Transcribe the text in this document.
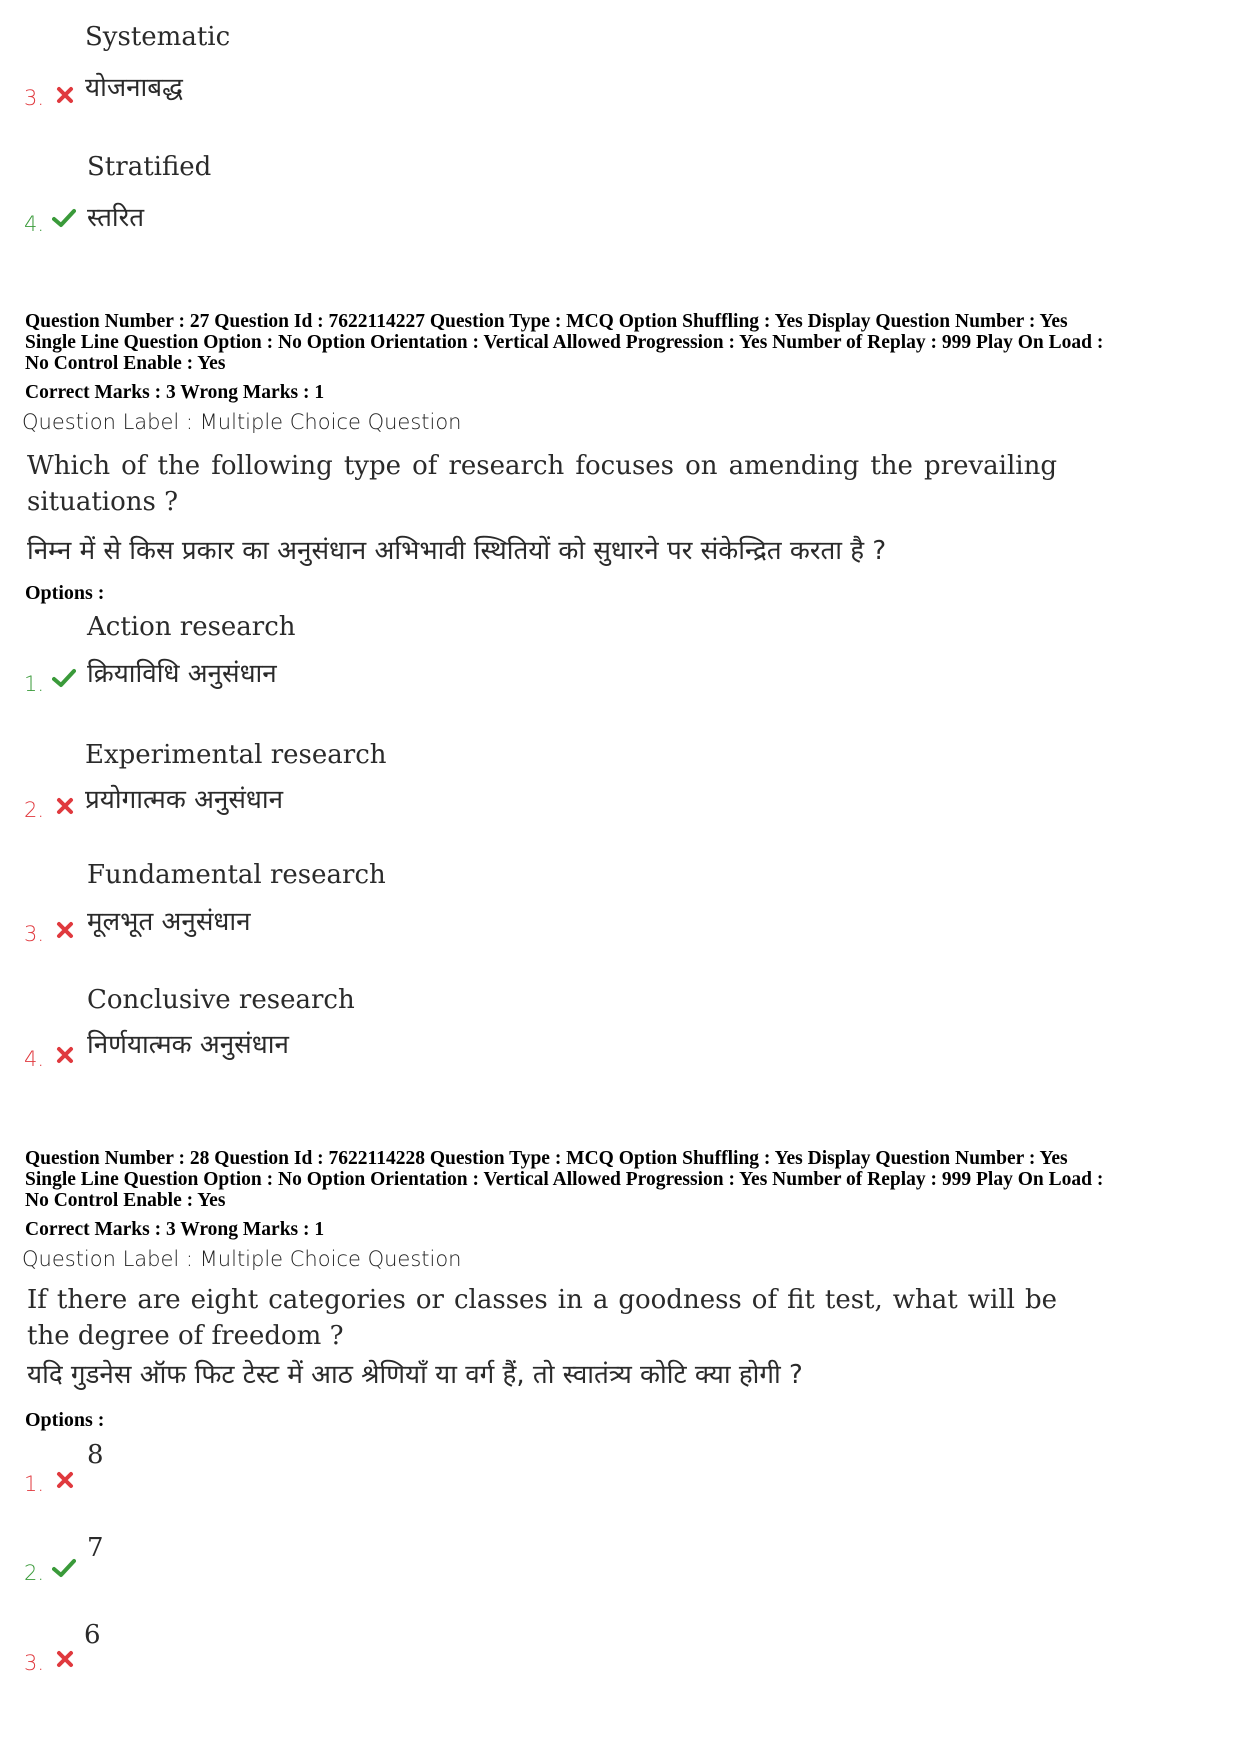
Systematic
योजनाबद्ध
3.
Stratified
स्तरित
4.
Question Number : 27 Question Id : 7622114227 Question Type : MCQ Option Shuffling : Yes Display Question Number : Yes
Single Line Question Option : No Option Orientation : Vertical Allowed Progression : Yes Number of Replay : 999 Play On Load :
No Control Enable : Yes
Correct Marks : 3 Wrong Marks : 1
Question Label : Multiple Choice Question
Which of the following type of research focuses on amending the prevailing situations ?
निम्न में से किस प्रकार का अनुसंधान अभिभावी स्थितियों को सुधारने पर संकेन्द्रित करता है ?
Options :
Action research
क्रियाविधि अनुसंधान
1.
Experimental research
प्रयोगात्मक अनुसंधान
2.
Fundamental research
मूलभूत अनुसंधान
3.
Conclusive research
निर्णयात्मक अनुसंधान
4.
Question Number : 28 Question Id : 7622114228 Question Type : MCQ Option Shuffling : Yes Display Question Number : Yes
Single Line Question Option : No Option Orientation : Vertical Allowed Progression : Yes Number of Replay : 999 Play On Load :
No Control Enable : Yes
Correct Marks : 3 Wrong Marks : 1
Question Label : Multiple Choice Question
If there are eight categories or classes in a goodness of fit test, what will be the degree of freedom ?
यदि गुडनेस ऑफ फिट टेस्ट में आठ श्रेणियाँ या वर्ग हैं, तो स्वातंत्र्य कोटि क्या होगी ?
Options :
8
1.
7
2.
6
3.
